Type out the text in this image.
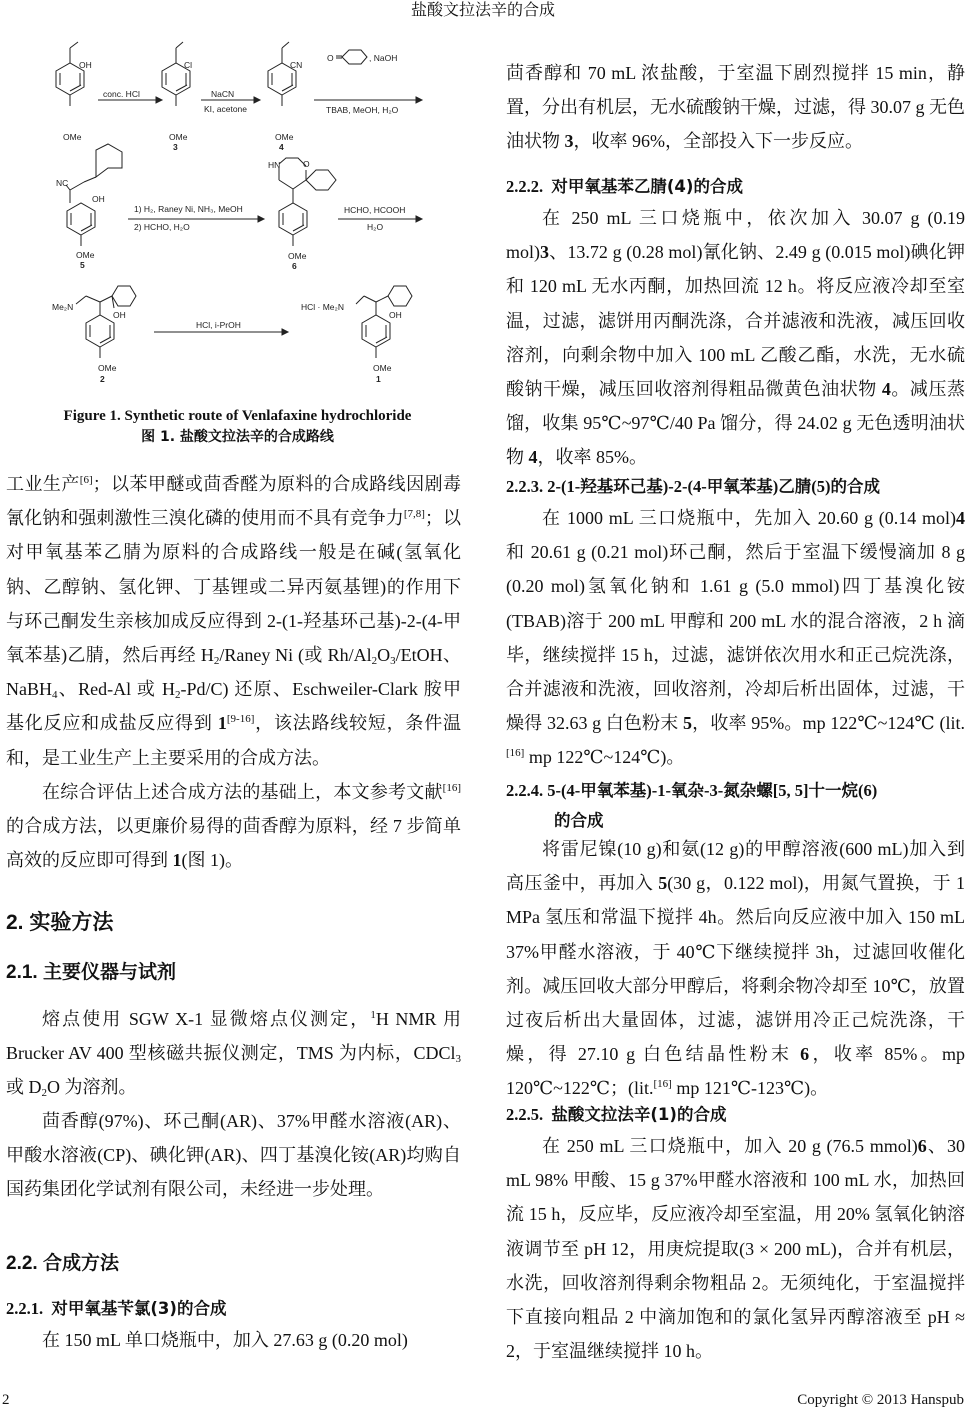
盐酸文拉法辛的合成
OH
OMe
conc. HCl
Cl
OMe
3
NaCN
KI, acetone
CN
OMe
4
O	, NaOH
TBAB, MeOH, H₂O
NC
OH
OMe
5
1) H₂, Raney Ni, NH₃, MeOH
2) HCHO, H₂O
HN	O
OMe
6
HCHO, HCOOH
H₂O
Me₂N
OH
OMe
2
HCl, i-PrOH
HCl · Me₂N
OH
OMe
1
Figure 1. Synthetic route of Venlafaxine hydrochloride
图 1. 盐酸文拉法辛的合成路线
工业生产[6]；以苯甲醚或茴香醛为原料的合成路线因剧毒氰化钠和强刺激性三溴化磷的使用而不具有竞争力[7,8]；以对甲氧基苯乙腈为原料的合成路线一般是在碱(氢氧化钠、乙醇钠、氢化钾、丁基锂或二异丙氨基锂)的作用下与环己酮发生亲核加成反应得到 2-(1-羟基环己基)-2-(4-甲氧苯基)乙腈，然后再经 $H_2$/Raney Ni (或 $Rh/Al_2O_3$/EtOH、NaBH$_4$、Red-Al 或 $H_2-Pd/C$) 还原、Eschweiler-Clark 胺甲基化反应和成盐反应得到 1[9-16]，该法路线较短，条件温和，是工业生产上主要采用的合成方法。
在综合评估上述合成方法的基础上，本文参考文献[16]的合成方法，以更廉价易得的茴香醇为原料，经 7 步简单高效的反应即可得到 1(图 1)。
2. 实验方法
2.1. 主要仪器与试剂
熔点使用 SGW X-1 显微熔点仪测定，$^1$H NMR 用 Brucker AV 400 型核磁共振仪测定，TMS 为内标，CDCl$_3$ 或 $D_2O$ 为溶剂。
茴香醇(97%)、环己酮(AR)、37%甲醛水溶液(AR)、甲酸水溶液(CP)、碘化钾(AR)、四丁基溴化铵(AR)均购自国药集团化学试剂有限公司，未经进一步处理。
2.2. 合成方法
2.2.1. 对甲氧基苄氯(3)的合成
在 150 mL 单口烧瓶中，加入 27.63 g (0.20 mol)
茴香醇和 70 mL 浓盐酸，于室温下剧烈搅拌 15 min，静置，分出有机层，无水硫酸钠干燥，过滤，得 30.07 g 无色油状物 3，收率 96%，全部投入下一步反应。
2.2.2. 对甲氧基苯乙腈(4)的合成
在 250 mL 三口烧瓶中，依次加入 30.07 g (0.19 mol)3、13.72 g (0.28 mol)氰化钠、2.49 g (0.015 mol)碘化钾和 120 mL 无水丙酮，加热回流 12 h。将反应液冷却至室温，过滤，滤饼用丙酮洗涤，合并滤液和洗液，减压回收溶剂，向剩余物中加入 100 mL 乙酸乙酯，水洗，无水硫酸钠干燥，减压回收溶剂得粗品微黄色油状物 4。减压蒸馏，收集 95℃~97℃/40 Pa 馏分，得 24.02 g 无色透明油状物 4，收率 85%。
2.2.3. 2-(1-羟基环己基)-2-(4-甲氧苯基)乙腈(5)的合成
在 1000 mL 三口烧瓶中，先加入 20.60 g (0.14 mol)4 和 20.61 g (0.21 mol)环己酮，然后于室温下缓慢滴加 8 g (0.20 mol)氢氧化钠和 1.61 g (5.0 mmol)四丁基溴化铵(TBAB)溶于 200 mL 甲醇和 200 mL 水的混合溶液，2 h 滴毕，继续搅拌 15 h，过滤，滤饼依次用水和正己烷洗涤，合并滤液和洗液，回收溶剂，冷却后析出固体，过滤，干燥得 32.63 g 白色粉末 5，收率 95%。mp 122℃~124℃ (lit.[16] mp 122℃~124℃)。
2.2.4. 5-(4-甲氧苯基)-1-氧杂-3-氮杂螺[5, 5]十一烷(6)
的合成
将雷尼镍(10 g)和氨(12 g)的甲醇溶液(600 mL)加入到高压釜中，再加入 5(30 g，0.122 mol)，用氮气置换，于 1 MPa 氢压和常温下搅拌 4h。然后向反应液中加入 150 mL 37%甲醛水溶液，于 40℃下继续搅拌 3h，过滤回收催化剂。减压回收大部分甲醇后，将剩余物冷却至 10℃，放置过夜后析出大量固体，过滤，滤饼用冷正己烷洗涤，干燥，得 27.10 g 白色结晶性粉末 6，收率 85%。mp 120℃~122℃；(lit.[16] mp 121℃-123℃)。
2.2.5. 盐酸文拉法辛(1)的合成
在 250 mL 三口烧瓶中，加入 20 g (76.5 mmol)6、30 mL 98% 甲酸、15 g 37%甲醛水溶液和 100 mL 水，加热回流 15 h，反应毕，反应液冷却至室温，用 20% 氢氧化钠溶液调节至 pH 12，用庚烷提取(3 × 200 mL)，合并有机层，水洗，回收溶剂得剩余物粗品 2。无须纯化，于室温搅拌下直接向粗品 2 中滴加饱和的氯化氢异丙醇溶液至 pH ≈ 2，于室温继续搅拌 10 h。
2	Copyright © 2013 Hanspub
